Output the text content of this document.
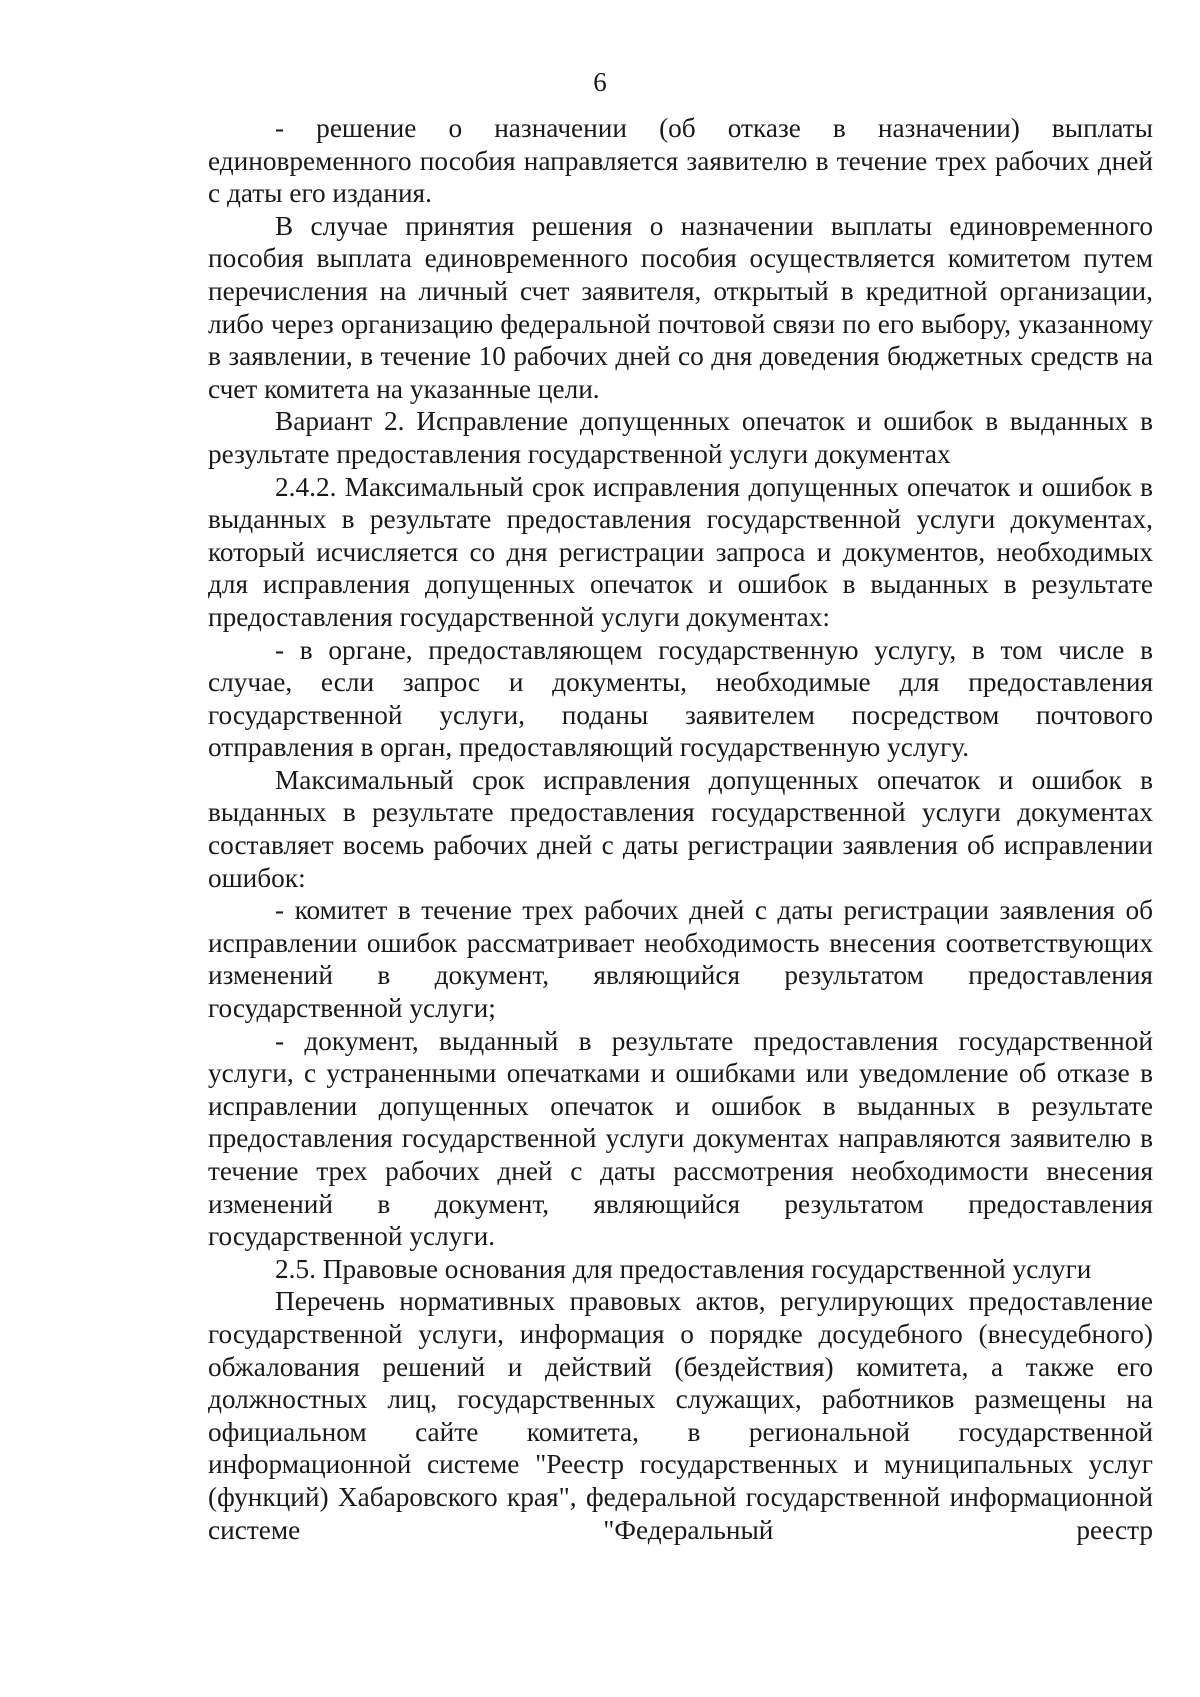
6

- решение о назначении (об отказе в назначении) выплаты единовременного пособия направляется заявителю в течение трех рабочих дней с даты его издания.

В случае принятия решения о назначении выплаты единовременного пособия выплата единовременного пособия осуществляется комитетом путем перечисления на личный счет заявителя, открытый в кредитной организации, либо через организацию федеральной почтовой связи по его выбору, указанному в заявлении, в течение 10 рабочих дней со дня доведения бюджетных средств на счет комитета на указанные цели.

Вариант 2. Исправление допущенных опечаток и ошибок в выданных в результате предоставления государственной услуги документах

2.4.2. Максимальный срок исправления допущенных опечаток и ошибок в выданных в результате предоставления государственной услуги документах, который исчисляется со дня регистрации запроса и документов, необходимых для исправления допущенных опечаток и ошибок в выданных в результате предоставления государственной услуги документах:

- в органе, предоставляющем государственную услугу, в том числе в случае, если запрос и документы, необходимые для предоставления государственной услуги, поданы заявителем посредством почтового отправления в орган, предоставляющий государственную услугу.

Максимальный срок исправления допущенных опечаток и ошибок в выданных в результате предоставления государственной услуги документах составляет восемь рабочих дней с даты регистрации заявления об исправлении ошибок:

- комитет в течение трех рабочих дней с даты регистрации заявления об исправлении ошибок рассматривает необходимость внесения соответствующих изменений в документ, являющийся результатом предоставления государственной услуги;

- документ, выданный в результате предоставления государственной услуги, с устраненными опечатками и ошибками или уведомление об отказе в исправлении допущенных опечаток и ошибок в выданных в результате предоставления государственной услуги документах направляются заявителю в течение трех рабочих дней с даты рассмотрения необходимости внесения изменений в документ, являющийся результатом предоставления государственной услуги.

2.5. Правовые основания для предоставления государственной услуги

Перечень нормативных правовых актов, регулирующих предоставление государственной услуги, информация о порядке досудебного (внесудебного) обжалования решений и действий (бездействия) комитета, а также его должностных лиц, государственных служащих, работников размещены на официальном сайте комитета, в региональной государственной информационной системе "Реестр государственных и муниципальных услуг (функций) Хабаровского края", федеральной государственной информационной системе "Федеральный реестр
